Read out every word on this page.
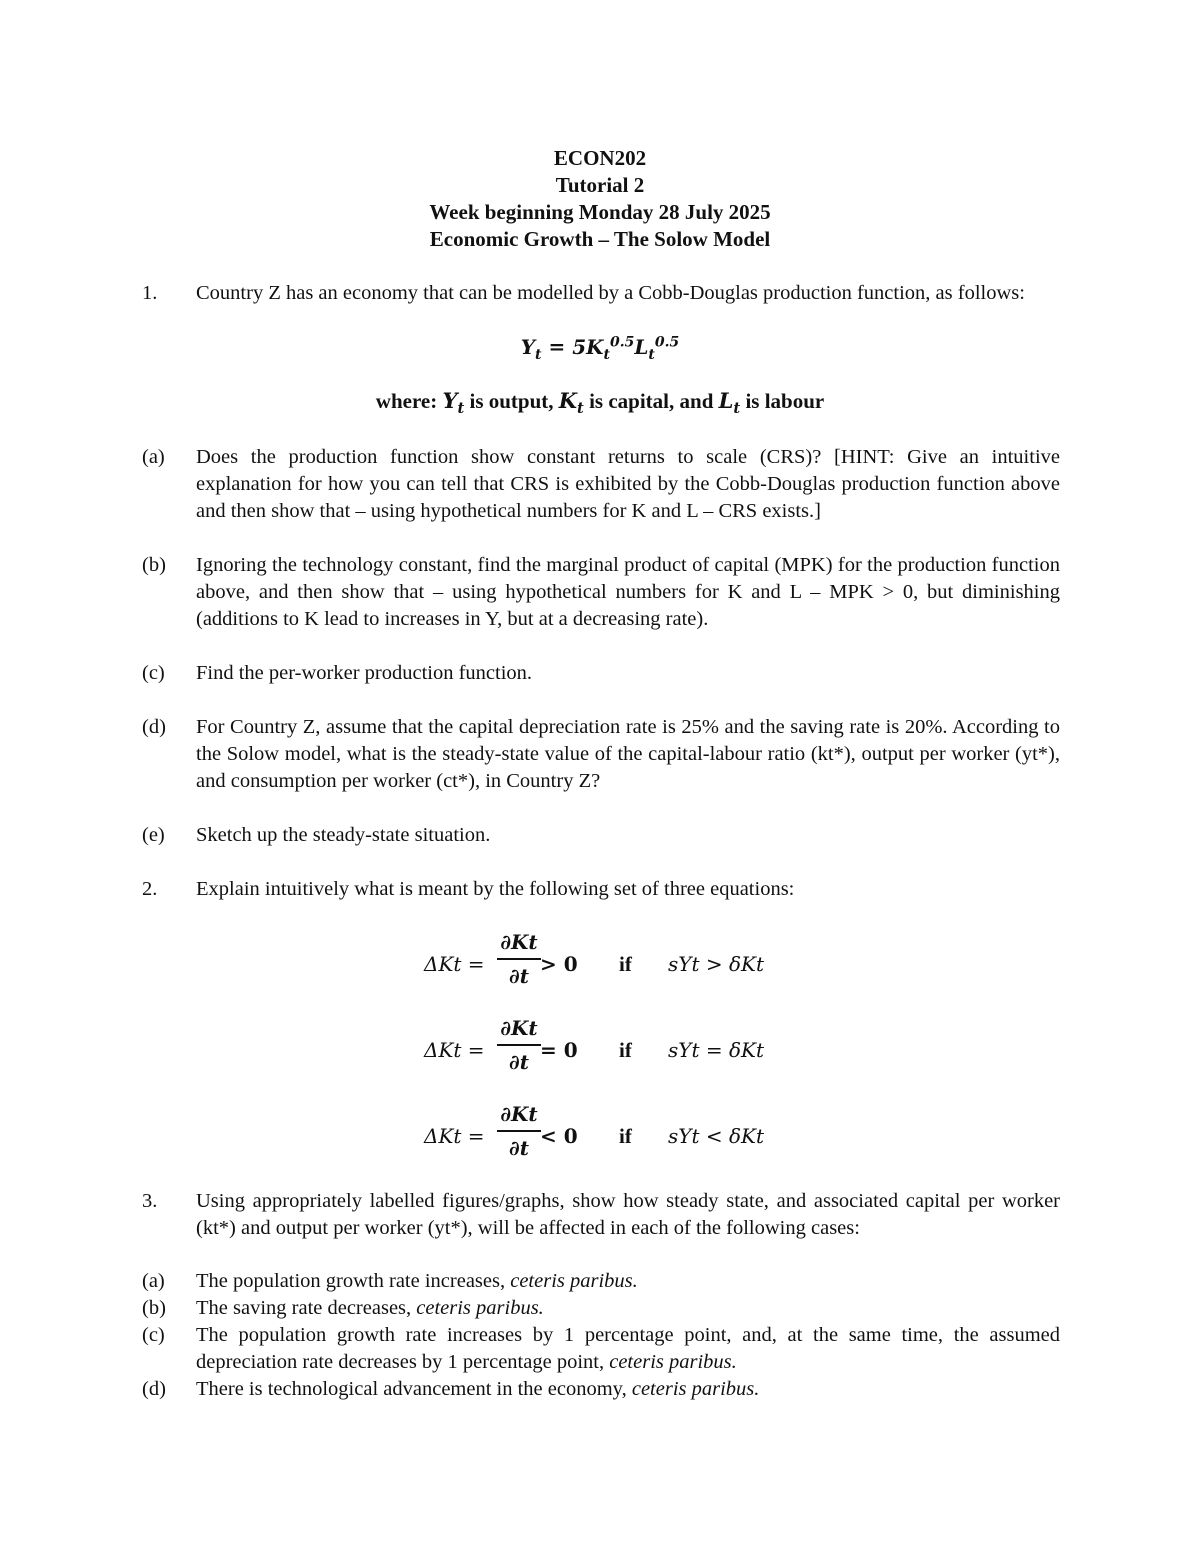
ECON202
Tutorial 2
Week beginning Monday 28 July 2025
Economic Growth – The Solow Model
1. Country Z has an economy that can be modelled by a Cobb-Douglas production function, as follows:
$Y_t = 5K_t^{0.5}L_t^{0.5}$
where: $Y_t$ is output, $K_t$ is capital, and $L_t$ is labour
(a) Does the production function show constant returns to scale (CRS)? [HINT: Give an intuitive explanation for how you can tell that CRS is exhibited by the Cobb-Douglas production function above and then show that – using hypothetical numbers for K and L – CRS exists.]
(b) Ignoring the technology constant, find the marginal product of capital (MPK) for the production function above, and then show that – using hypothetical numbers for K and L – MPK > 0, but diminishing (additions to K lead to increases in Y, but at a decreasing rate).
(c) Find the per-worker production function.
(d) For Country Z, assume that the capital depreciation rate is 25% and the saving rate is 20%. According to the Solow model, what is the steady-state value of the capital-labour ratio (kt*), output per worker (yt*), and consumption per worker (ct*), in Country Z?
(e) Sketch up the steady-state situation.
2. Explain intuitively what is meant by the following set of three equations:
ΔKt =
∂Kt
∂t > 0 if sYt > δKt
ΔKt =
∂Kt
∂t = 0 if sYt = δKt
ΔKt =
∂Kt
∂t < 0 if sYt < δKt
3. Using appropriately labelled figures/graphs, show how steady state, and associated capital per worker (kt*) and output per worker (yt*), will be affected in each of the following cases:
(a) The population growth rate increases, ceteris paribus.
(b) The saving rate decreases, ceteris paribus.
(c) The population growth rate increases by 1 percentage point, and, at the same time, the assumed depreciation rate decreases by 1 percentage point, ceteris paribus.
(d) There is technological advancement in the economy, ceteris paribus.
